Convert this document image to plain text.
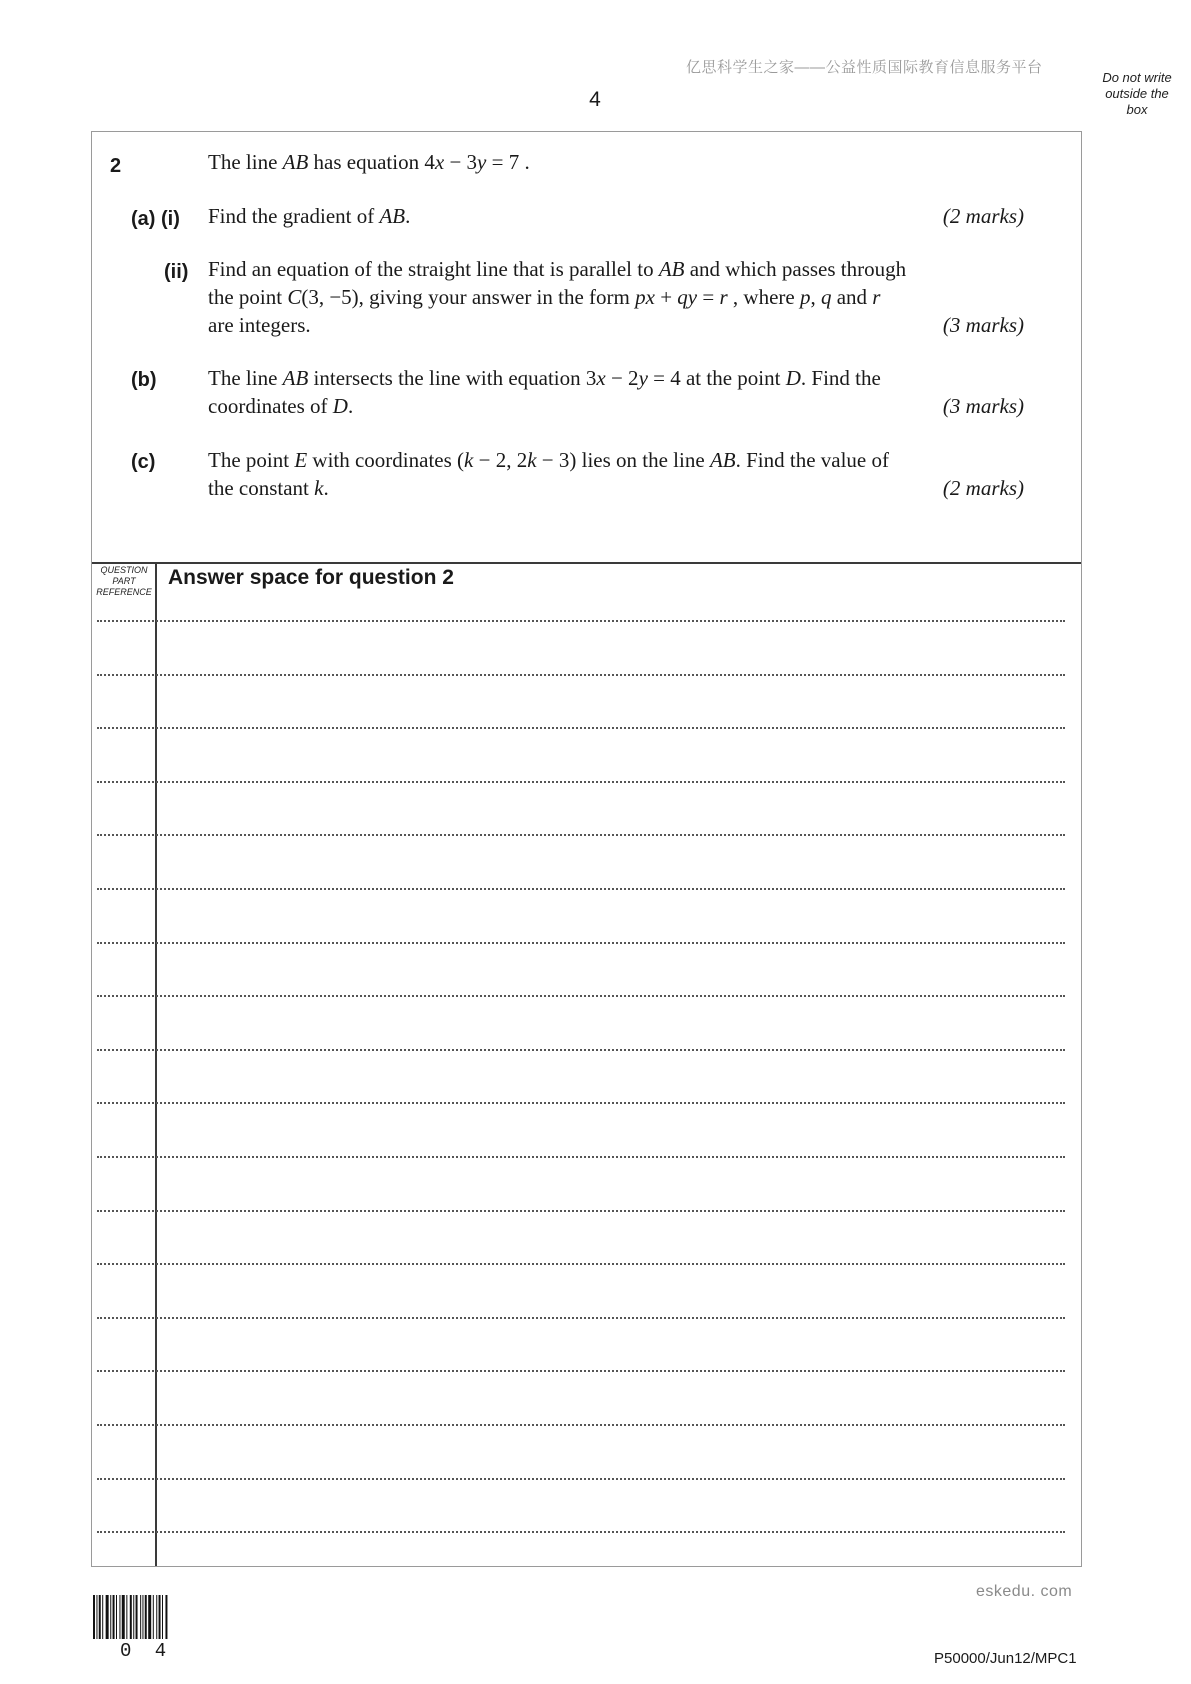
亿思科学生之家——公益性质国际教育信息服务平台
4
Do not write
outside the
box
2	The line AB has equation 4x − 3y = 7 .
(a) (i) Find the gradient of AB.	(2 marks)
(ii) Find an equation of the straight line that is parallel to AB and which passes through
the point C(3, −5), giving your answer in the form px + qy = r , where p, q and r
are integers.	(3 marks)
(b) The line AB intersects the line with equation 3x − 2y = 4 at the point D. Find the
coordinates of D.	(3 marks)
(c)	The point E with coordinates (k − 2, 2k − 3) lies on the line AB. Find the value of
the constant k.	(2 marks)
QUESTION
PART
REFERENCE
Answer space for question 2
eskedu. com
0 4	P50000/Jun12/MPC1
